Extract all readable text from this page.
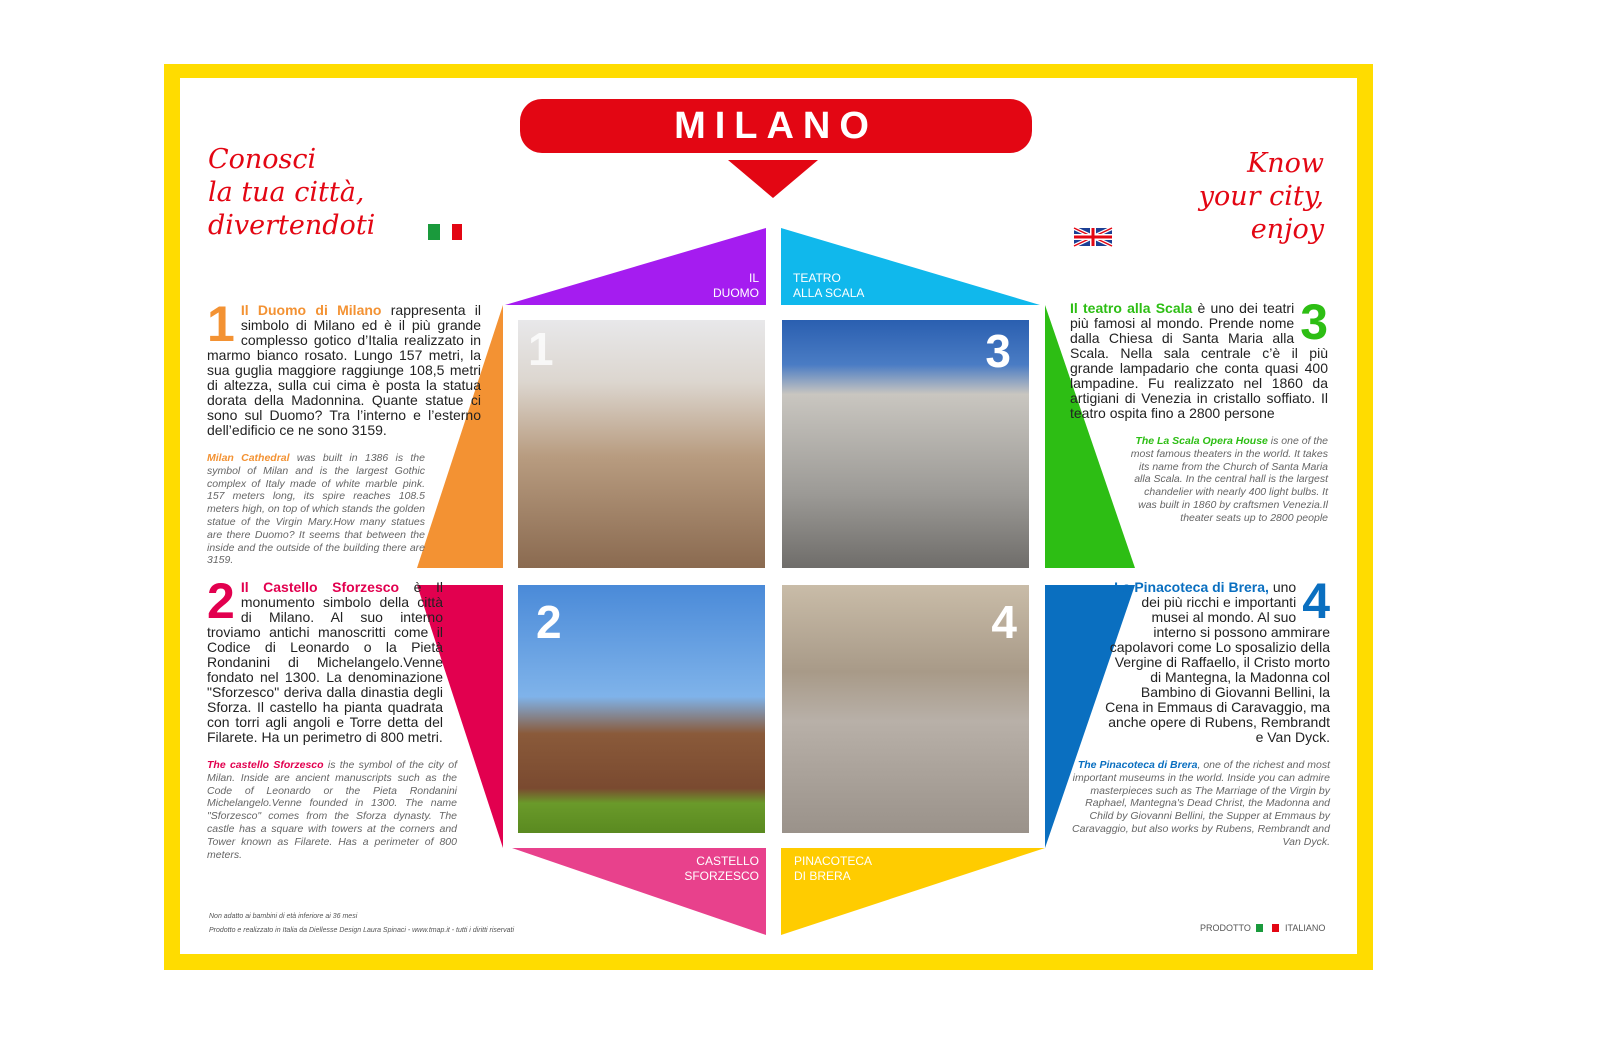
MILANO
Conosci
la tua città,
divertendoti
Know
your city,
enjoy
IL
DUOMO
TEATRO
ALLA SCALA
CASTELLO
SFORZESCO
PINACOTECA
DI BRERA
1	3
2	4
1 Il Duomo di Milano rappresenta il simbolo di Milano ed è il più grande complesso gotico d’Italia realizzato in marmo bianco rosato. Lungo 157 metri, la sua guglia maggiore raggiunge 108,5 metri di altezza, sulla cui cima è posta la statua dorata della Madonnina. Quante statue ci sono sul Duomo? Tra l’interno e l’esterno dell’edificio ce ne sono 3159.
Milan Cathedral was built in 1386 is the symbol of Milan and is the largest Gothic complex of Italy made of white marble pink. 157 meters long, its spire reaches 108.5 meters high, on top of which stands the golden statue of the Virgin Mary.How many statues are there Duomo? It seems that between the inside and the outside of the building there are 3159.
2 Il Castello Sforzesco è Il monumento simbolo della città di Milano. Al suo interno troviamo antichi manoscritti come il Codice di Leonardo o la Pietà Rondanini di Michelangelo.Venne fondato nel 1300. La denominazione "Sforzesco" deriva dalla dinastia degli Sforza. Il castello ha pianta quadrata con torri agli angoli e Torre detta del Filarete. Ha un perimetro di 800 metri.
The castello Sforzesco is the symbol of the city of Milan. Inside are ancient manuscripts such as the Code of Leonardo or the Pieta Rondanini Michelangelo.Venne founded in 1300. The name "Sforzesco" comes from the Sforza dynasty. The castle has a square with towers at the corners and Tower known as Filarete. Has a perimeter of 800 meters.
3
Il teatro alla Scala è uno dei teatri più famosi al mondo. Prende nome dalla Chiesa di Santa Maria alla Scala. Nella sala centrale c’è il più grande lampadario che conta quasi 400 lampadine. Fu realizzato nel 1860 da artigiani di Venezia in cristallo soffiato. Il teatro ospita fino a 2800 persone
The La Scala Opera House is one of the most famous theaters in the world. It takes its name from the Church of Santa Maria alla Scala. In the central hall is the largest chandelier with nearly 400 light bulbs. It was built in 1860 by craftsmen Venezia.Il theater seats up to 2800 people
4
La Pinacoteca di Brera, uno dei più ricchi e importanti musei al mondo. Al suo interno si possono ammirare capolavori come Lo sposalizio della Vergine di Raffaello, il Cristo morto di Mantegna, la Madonna col Bambino di Giovanni Bellini, la Cena in Emmaus di Caravaggio, ma anche opere di Rubens, Rembrandt e Van Dyck.
The Pinacoteca di Brera, one of the richest and most important museums in the world. Inside you can admire masterpieces such as The Marriage of the Virgin by Raphael, Mantegna's Dead Christ, the Madonna and Child by Giovanni Bellini, the Supper at Emmaus by Caravaggio, but also works by Rubens, Rembrandt and Van Dyck.
Non adatto ai bambini di età inferiore ai 36 mesi
Prodotto e realizzato in Italia da Diellesse Design Laura Spinaci - www.tmap.it - tutti i diritti riservati	PRODOTTO	ITALIANO
